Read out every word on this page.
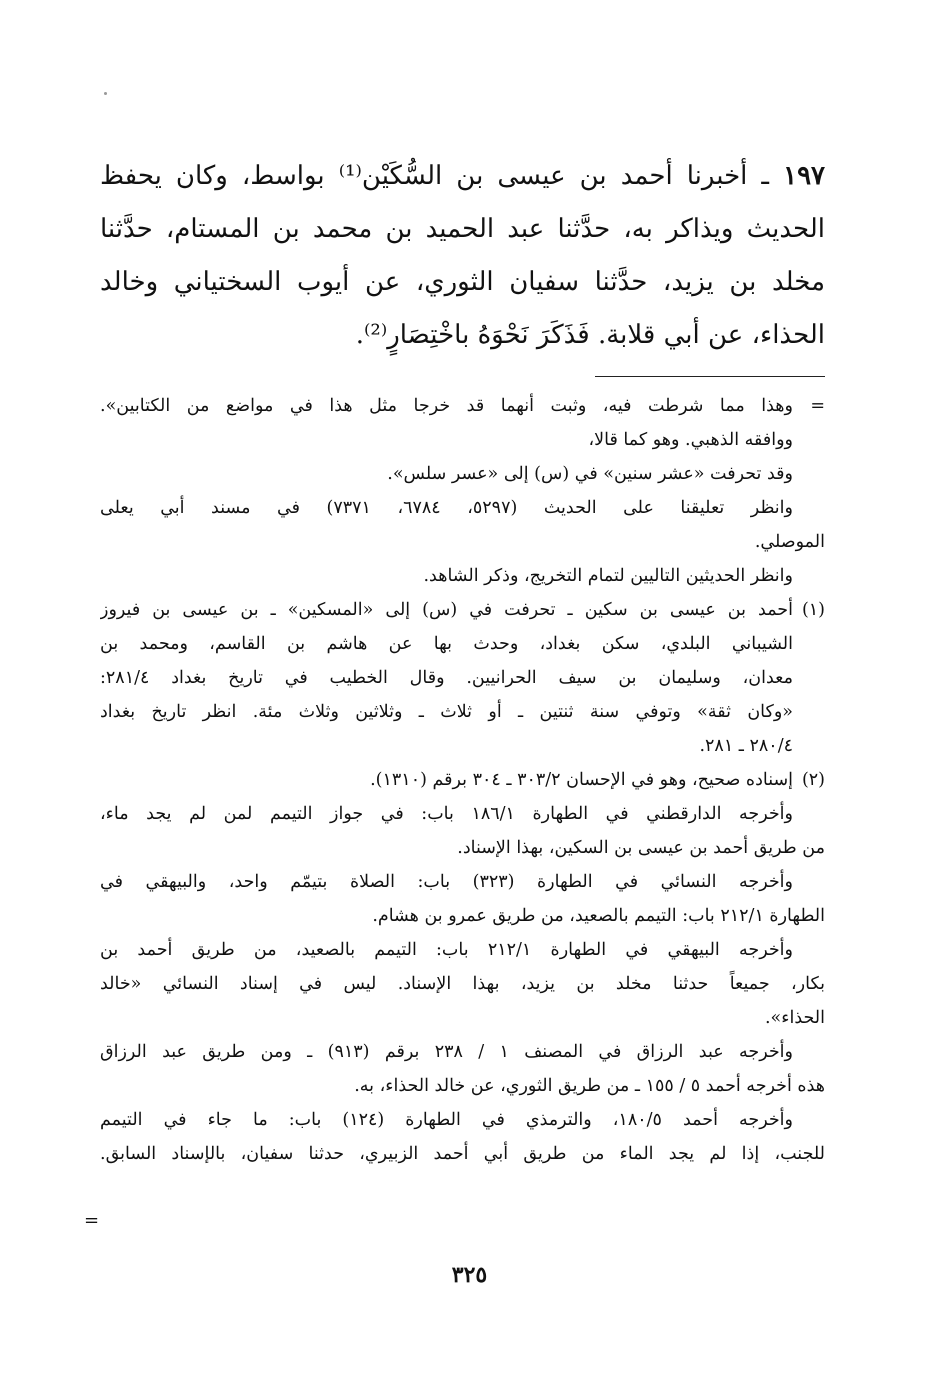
١٩٧ ـ أخبرنا أحمد بن عيسى بن السُّكَيْن⁽¹⁾ بواسط، وكان يحفظ
الحديث ويذاكر به، حدَّثنا عبد الحميد بن محمد بن المستام، حدَّثنا
مخلد بن يزيد، حدَّثنا سفيان الثوري، عن أيوب السختياني وخالد
الحذاء، عن أبي قلابة. فَذَكَرَ نَحْوَهُ باخْتِصَارٍ⁽²⁾.
=وهذا مما شرطت فيه، وثبت أنهما قد خرجا مثل هذا في مواضع من الكتابين».
ووافقه الذهبي. وهو كما قالا،
وقد تحرفت «عشر سنين» في (س) إلى «عسر سلس».
وانظر تعليقنا على الحديث (٥٢٩٧، ٦٧٨٤، ٧٣٧١) في مسند أبي يعلى
الموصلي.
وانظر الحديثين التاليين لتمام التخريج، وذكر الشاهد.
(١)أحمد بن عيسى بن سكين ـ تحرفت في (س) إلى «المسكين» ـ بن عيسى بن فيروز
الشيباني البلدي، سكن بغداد، وحدث بها عن هاشم بن القاسم، ومحمد بن
معدان، وسليمان بن سيف الحرانيين. وقال الخطيب في تاريخ بغداد ٢٨١/٤:
«وكان ثقة» وتوفي سنة ثنتين ـ أو ثلاث ـ وثلاثين وثلاث مئة. انظر تاريخ بغداد
٢٨٠/٤ ـ ٢٨١.
(٢)إسناده صحيح، وهو في الإحسان ٣٠٣/٢ ـ ٣٠٤ برقم (١٣١٠).
وأخرجه الدارقطني في الطهارة ١٨٦/١ باب: في جواز التيمم لمن لم يجد ماء،
من طريق أحمد بن عيسى بن السكين، بهذا الإسناد.
وأخرجه النسائي في الطهارة (٣٢٣) باب: الصلاة بتيمّم واحد، والبيهقي في
الطهارة ٢١٢/١ باب: التيمم بالصعيد، من طريق عمرو بن هشام.
وأخرجه البيهقي في الطهارة ٢١٢/١ باب: التيمم بالصعيد، من طريق أحمد بن
بكار، جميعاً حدثنا مخلد بن يزيد، بهذا الإسناد. ليس في إسناد النسائي «خالد
الحذاء».
وأخرجه عبد الرزاق في المصنف ١ / ٢٣٨ برقم (٩١٣) ـ ومن طريق عبد الرزاق
هذه أخرجه أحمد ٥ / ١٥٥ ـ من طريق الثوري، عن خالد الحذاء، به.
وأخرجه أحمد ١٨٠/٥، والترمذي في الطهارة (١٢٤) باب: ما جاء في التيمم
للجنب، إذا لم يجد الماء من طريق أبي أحمد الزبيري، حدثنا سفيان، بالإسناد السابق.
=
٣٢٥
